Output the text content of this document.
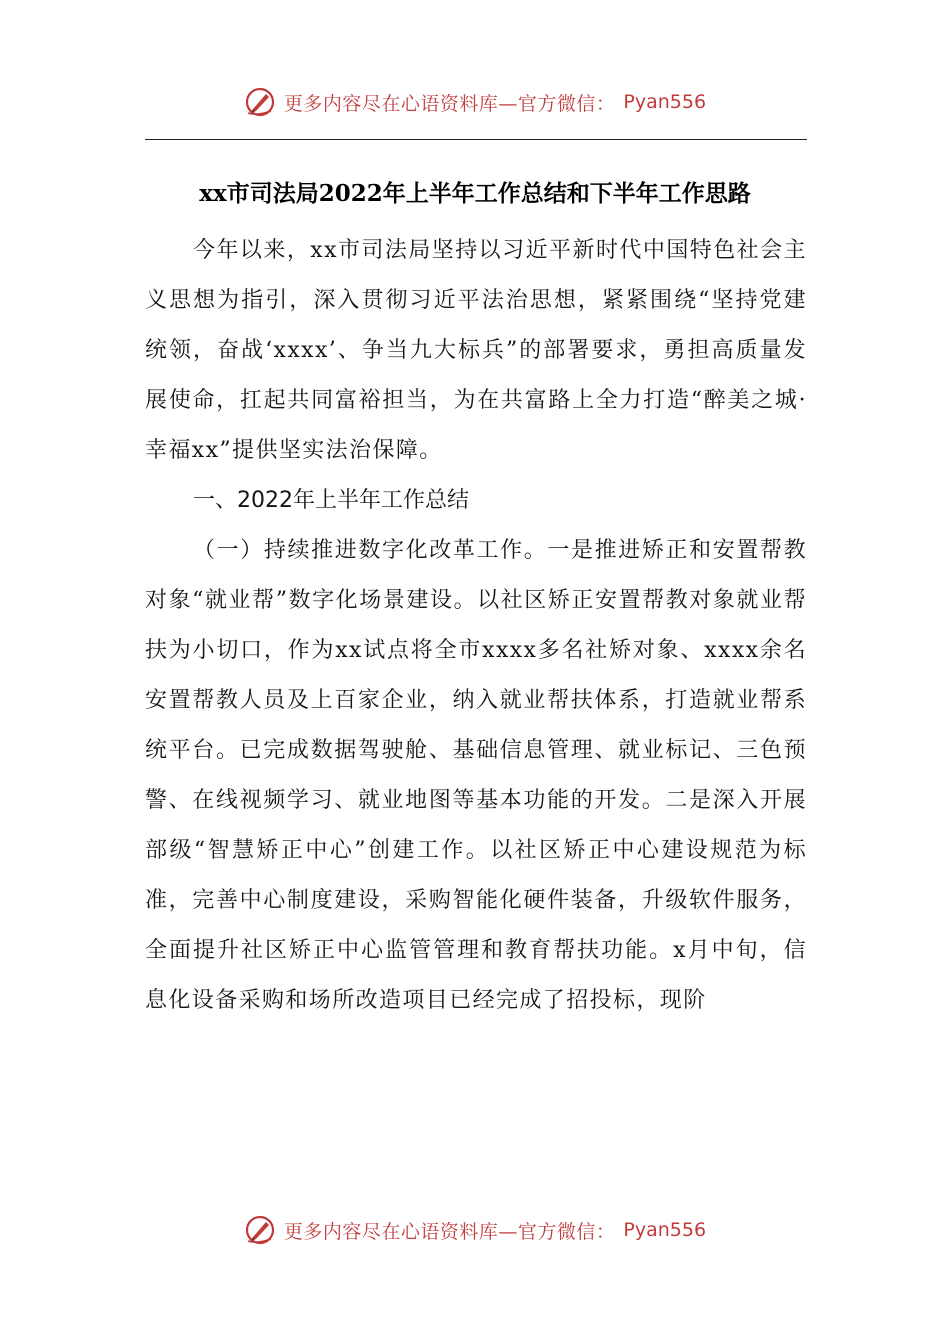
更多内容尽在心语资料库—官方微信： Pyan556
xx市司法局2022年上半年工作总结和下半年工作思路

今年以来，xx市司法局坚持以习近平新时代中国特色社会主义思想为指引，深入贯彻习近平法治思想，紧紧围绕“坚持党建统领，奋战‘xxxx’、争当九大标兵”的部署要求，勇担高质量发展使命，扛起共同富裕担当，为在共富路上全力打造“醉美之城·幸福xx”提供坚实法治保障。

一、2022年上半年工作总结

（一）持续推进数字化改革工作。一是推进矫正和安置帮教对象“就业帮”数字化场景建设。以社区矫正安置帮教对象就业帮扶为小切口，作为xx试点将全市xxxx多名社矫对象、xxxx余名安置帮教人员及上百家企业，纳入就业帮扶体系，打造就业帮系统平台。已完成数据驾驶舱、基础信息管理、就业标记、三色预警、在线视频学习、就业地图等基本功能的开发。二是深入开展部级“智慧矫正中心”创建工作。以社区矫正中心建设规范为标准，完善中心制度建设，采购智能化硬件装备，升级软件服务，全面提升社区矫正中心监管管理和教育帮扶功能。x月中旬，信息化设备采购和场所改造项目已经完成了招投标，现阶

更多内容尽在心语资料库—官方微信： Pyan556
